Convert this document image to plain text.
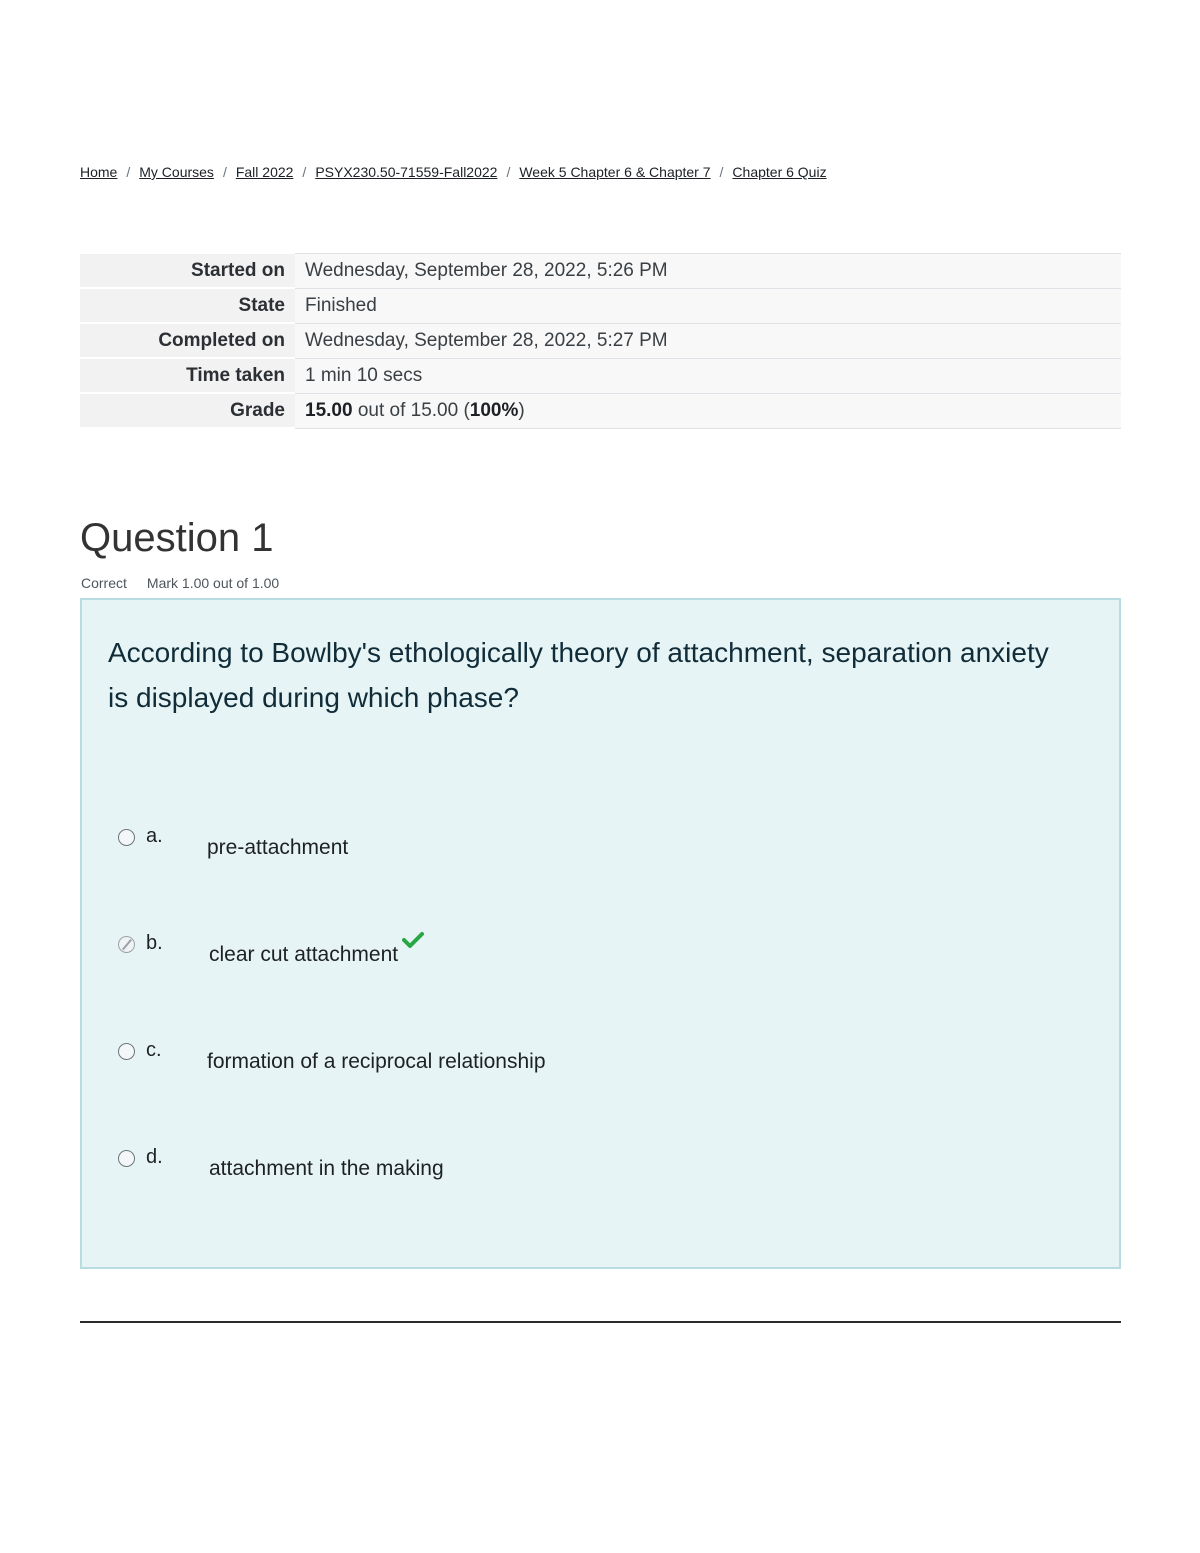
Home / My Courses / Fall 2022 / PSYX230.50-71559-Fall2022 / Week 5 Chapter 6 & Chapter 7 / Chapter 6 Quiz
Started on	Wednesday, September 28, 2022, 5:26 PM
State	Finished
Completed on	Wednesday, September 28, 2022, 5:27 PM
Time taken	1 min 10 secs
Grade	15.00 out of 15.00 (100%)
Question 1
Correct Mark 1.00 out of 1.00
According to Bowlby's ethologically theory of attachment, separation anxiety is displayed during which phase?
a. pre-attachment
b. clear cut attachment
c. formation of a reciprocal relationship
d. attachment in the making
